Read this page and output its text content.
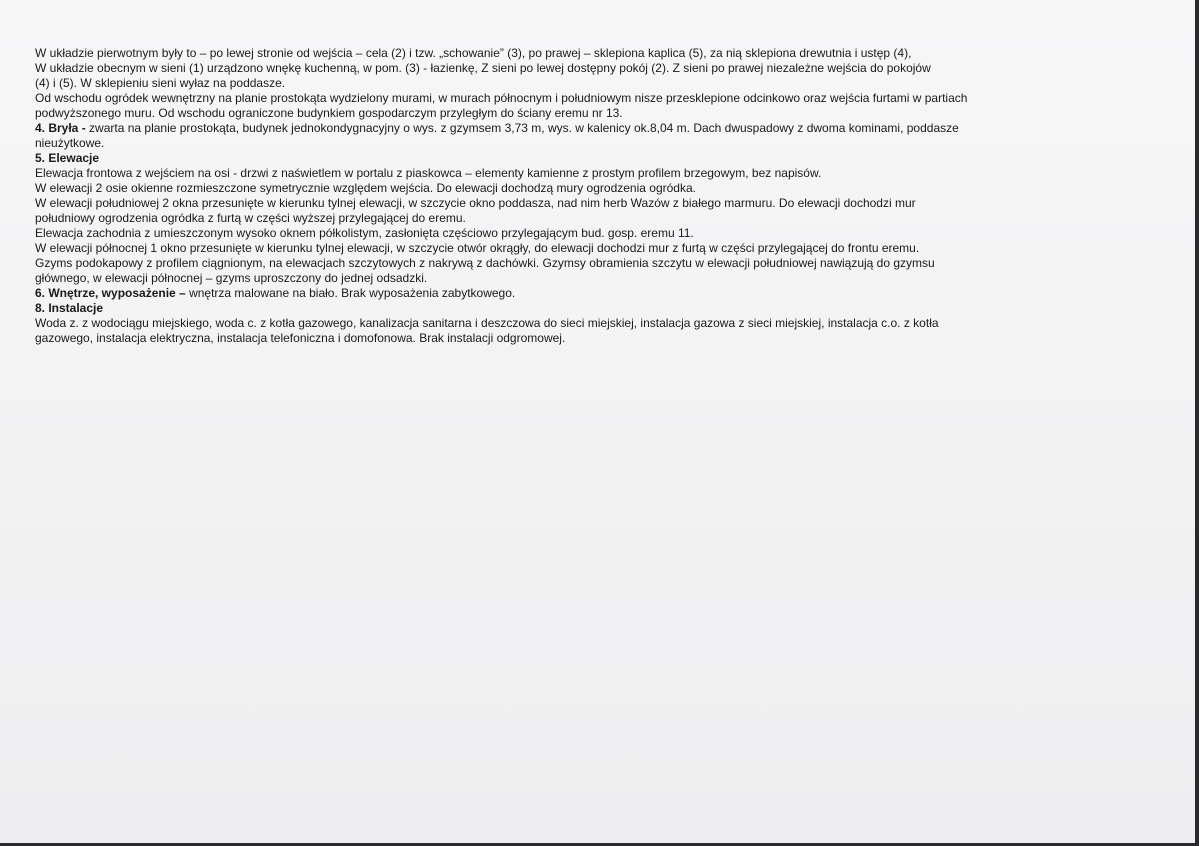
W układzie pierwotnym były to – po lewej stronie od wejścia – cela (2) i tzw. „schowanie” (3), po prawej – sklepiona kaplica (5), za nią sklepiona drewutnia i ustęp (4),
W układzie obecnym w sieni (1) urządzono wnękę kuchenną, w pom. (3) - łazienkę, Z sieni po lewej dostępny pokój (2). Z sieni po prawej niezależne wejścia do pokojów
(4) i (5). W sklepieniu sieni wyłaz na poddasze.
Od wschodu ogródek wewnętrzny na planie prostokąta wydzielony murami, w murach północnym i południowym nisze przesklepione odcinkowo oraz wejścia furtami w partiach
podwyższonego muru. Od wschodu ograniczone budynkiem gospodarczym przyległym do ściany eremu nr 13.
4. Bryła - zwarta na planie prostokąta, budynek jednokondygnacyjny o wys. z gzymsem 3,73 m, wys. w kalenicy ok.8,04 m. Dach dwuspadowy z dwoma kominami, poddasze
nieużytkowe.
5. Elewacje
Elewacja frontowa z wejściem na osi - drzwi z naświetlem w portalu z piaskowca – elementy kamienne z prostym profilem brzegowym, bez napisów.
W elewacji 2 osie okienne rozmieszczone symetrycznie względem wejścia. Do elewacji dochodzą mury ogrodzenia ogródka.
W elewacji południowej 2 okna przesunięte w kierunku tylnej elewacji, w szczycie okno poddasza, nad nim herb Wazów z białego marmuru. Do elewacji dochodzi mur
południowy ogrodzenia ogródka z furtą w części wyższej przylegającej do eremu.
Elewacja zachodnia z umieszczonym wysoko oknem półkolistym, zasłonięta częściowo przylegającym bud. gosp. eremu 11.
W elewacji północnej 1 okno przesunięte w kierunku tylnej elewacji, w szczycie otwór okrągły, do elewacji dochodzi mur z furtą w części przylegającej do frontu eremu.
Gzyms podokapowy z profilem ciągnionym, na elewacjach szczytowych z nakrywą z dachówki. Gzymsy obramienia szczytu w elewacji południowej nawiązują do gzymsu
głównego, w elewacji północnej – gzyms uproszczony do jednej odsadzki.
6. Wnętrze, wyposażenie – wnętrza malowane na biało. Brak wyposażenia zabytkowego.
8. Instalacje
Woda z. z wodociągu miejskiego, woda c. z kotła gazowego, kanalizacja sanitarna i deszczowa do sieci miejskiej, instalacja gazowa z sieci miejskiej, instalacja c.o. z kotła
gazowego, instalacja elektryczna, instalacja telefoniczna i domofonowa. Brak instalacji odgromowej.
